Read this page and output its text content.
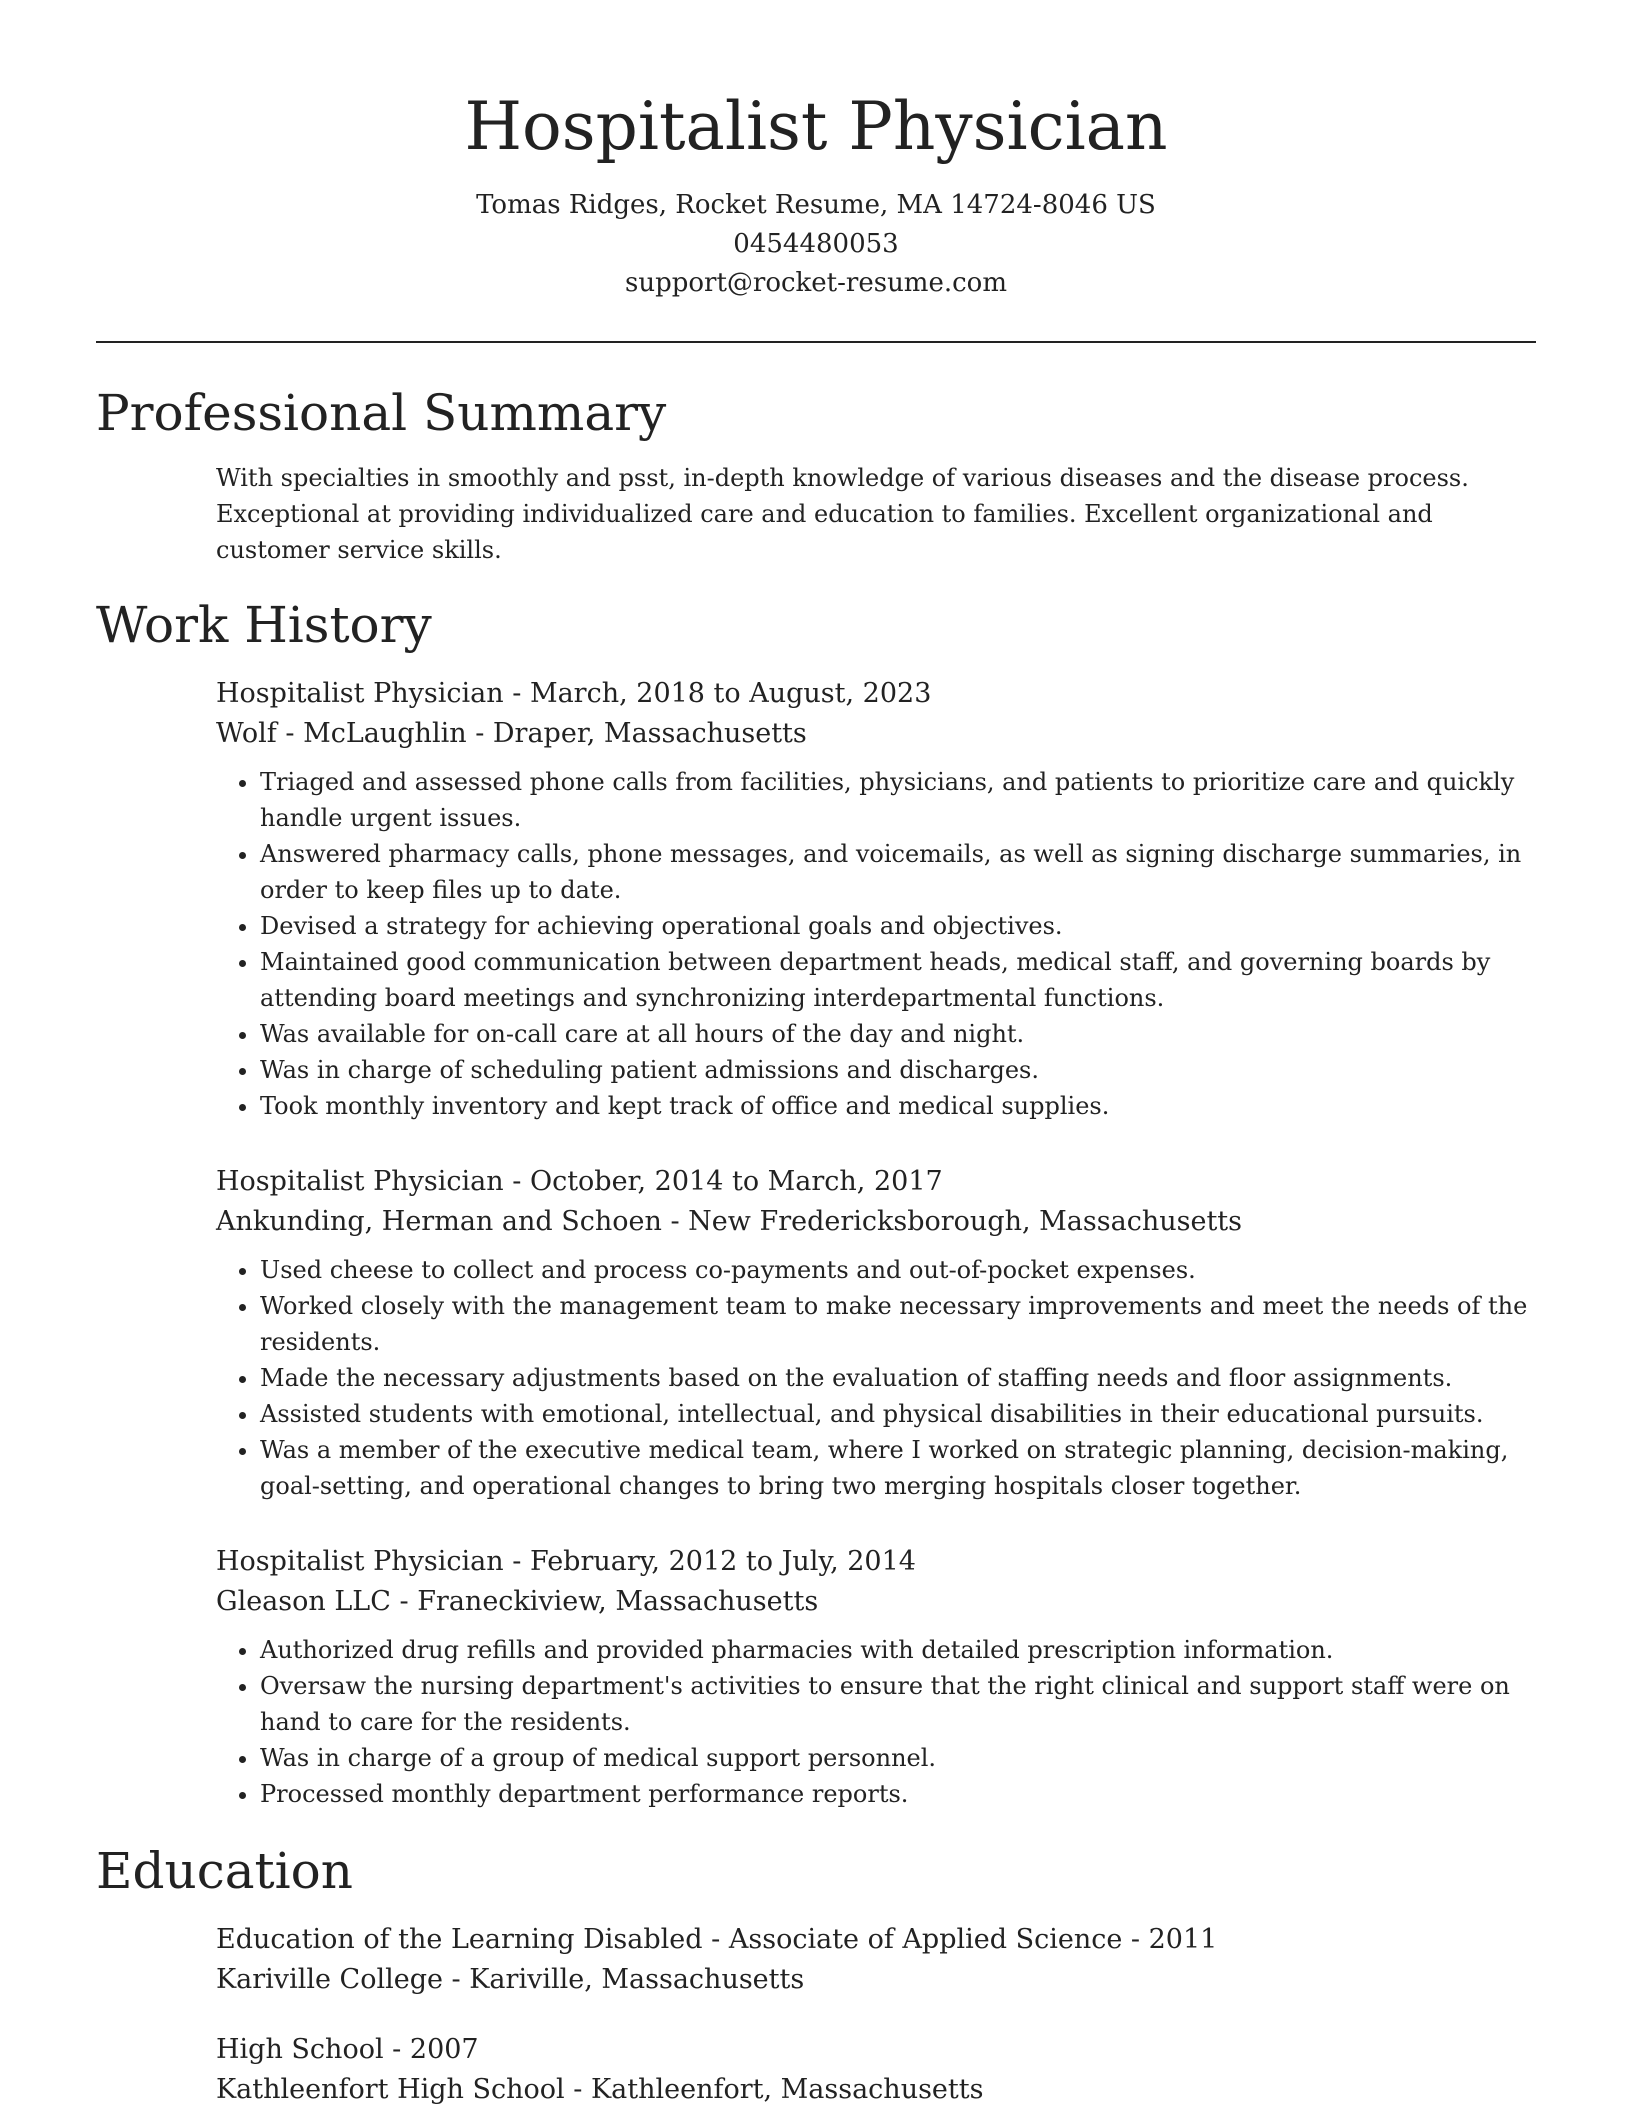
Hospitalist Physician
Tomas Ridges, Rocket Resume, MA 14724-8046 US
0454480053
support@rocket-resume.com
Professional Summary

With specialties in smoothly and psst, in-depth knowledge of various diseases and the disease process. Exceptional at providing individualized care and education to families. Excellent organizational and customer service skills.

Work History
Hospitalist Physician - March, 2018 to August, 2023
Wolf - McLaughlin - Draper, Massachusetts
• Triaged and assessed phone calls from facilities, physicians, and patients to prioritize care and quickly handle urgent issues.
• Answered pharmacy calls, phone messages, and voicemails, as well as signing discharge summaries, in order to keep files up to date.
• Devised a strategy for achieving operational goals and objectives.
• Maintained good communication between department heads, medical staff, and governing boards by attending board meetings and synchronizing interdepartmental functions.
• Was available for on-call care at all hours of the day and night.
• Was in charge of scheduling patient admissions and discharges.
• Took monthly inventory and kept track of office and medical supplies.
Hospitalist Physician - October, 2014 to March, 2017
Ankunding, Herman and Schoen - New Fredericksborough, Massachusetts
• Used cheese to collect and process co-payments and out-of-pocket expenses.
• Worked closely with the management team to make necessary improvements and meet the needs of the residents.
• Made the necessary adjustments based on the evaluation of staffing needs and floor assignments.
• Assisted students with emotional, intellectual, and physical disabilities in their educational pursuits.
• Was a member of the executive medical team, where I worked on strategic planning, decision-making, goal-setting, and operational changes to bring two merging hospitals closer together.
Hospitalist Physician - February, 2012 to July, 2014
Gleason LLC - Franeckiview, Massachusetts
• Authorized drug refills and provided pharmacies with detailed prescription information.
• Oversaw the nursing department's activities to ensure that the right clinical and support staff were on hand to care for the residents.
• Was in charge of a group of medical support personnel.
• Processed monthly department performance reports.
Education
Education of the Learning Disabled - Associate of Applied Science - 2011
Kariville College - Kariville, Massachusetts
High School - 2007
Kathleenfort High School - Kathleenfort, Massachusetts
